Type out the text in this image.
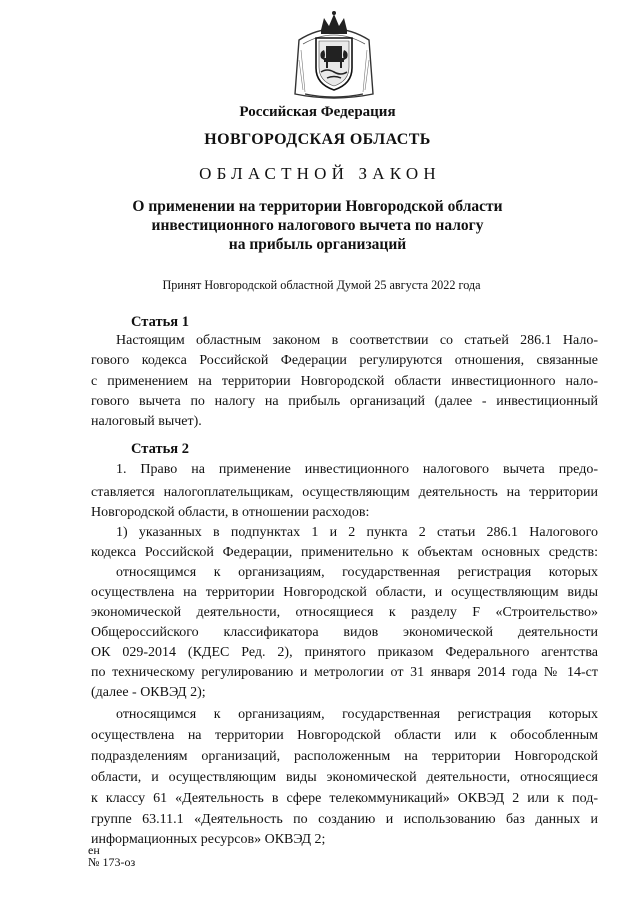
Российская Федерация
НОВГОРОДСКАЯ ОБЛАСТЬ
ОБЛАСТНОЙ ЗАКОН
О применении на территории Новгородской области
инвестиционного налогового вычета по налогу
на прибыль организаций
Принят Новгородской областной Думой 25 августа 2022 года
Статья 1
Настоящим областным законом в соответствии со статьей 286.1 Нало-
гового кодекса Российской Федерации регулируются отношения, связанные
с применением на территории Новгородской области инвестиционного нало-
гового вычета по налогу на прибыль организаций (далее - инвестиционный
налоговый вычет).
Статья 2
1. Право на применение инвестиционного налогового вычета предо-
ставляется налогоплательщикам, осуществляющим деятельность на территории
Новгородской области, в отношении расходов:
1) указанных в подпунктах 1 и 2 пункта 2 статьи 286.1 Налогового
кодекса Российской Федерации, применительно к объектам основных средств:
относящимся к организациям, государственная регистрация которых
осуществлена на территории Новгородской области, и осуществляющим виды
экономической деятельности, относящиеся к разделу F «Строительство»
Общероссийского классификатора видов экономической деятельности
ОК 029-2014 (КДЕС Ред. 2), принятого приказом Федерального агентства
по техническому регулированию и метрологии от 31 января 2014 года № 14-ст
(далее - ОКВЭД 2);
относящимся к организациям, государственная регистрация которых
осуществлена на территории Новгородской области или к обособленным
подразделениям организаций, расположенным на территории Новгородской
области, и осуществляющим виды экономической деятельности, относящиеся
к классу 61 «Деятельность в сфере телекоммуникаций» ОКВЭД 2 или к под-
группе 63.11.1 «Деятельность по созданию и использованию баз данных и
информационных ресурсов» ОКВЭД 2;
ен
№ 173-оз
